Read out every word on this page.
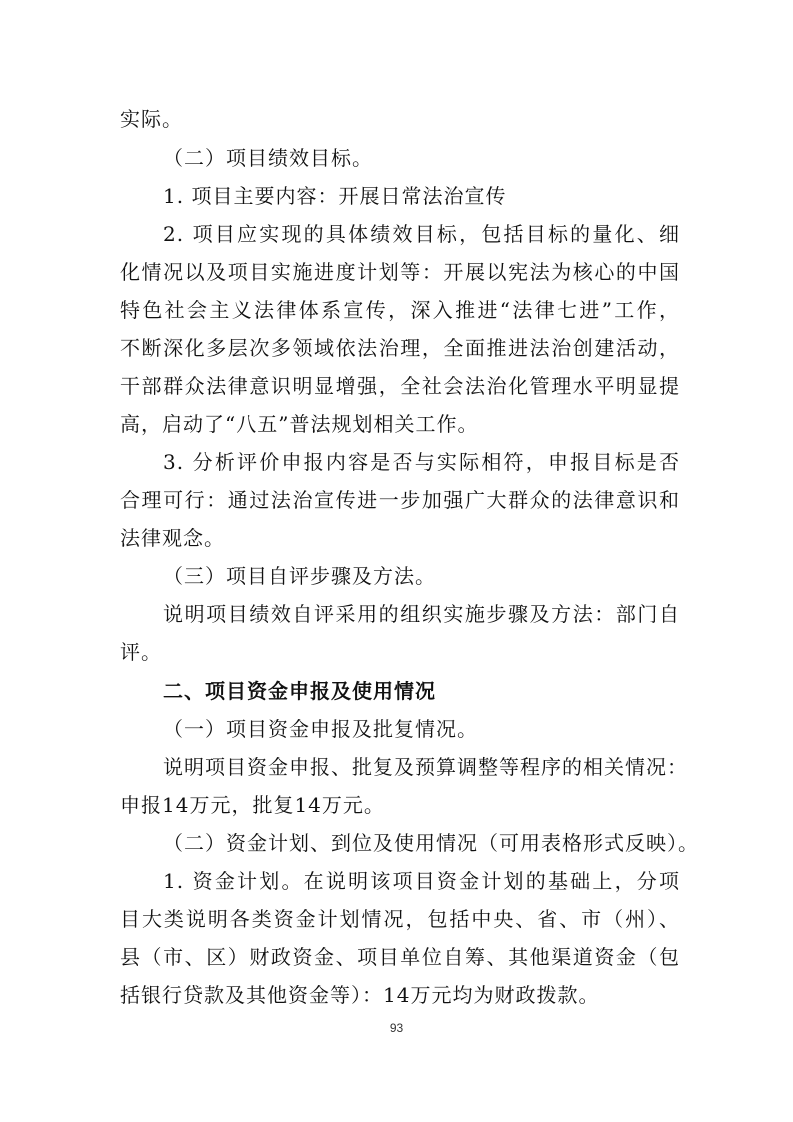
实际。
（二）项目绩效目标。
1. 项目主要内容：开展日常法治宣传
2. 项目应实现的具体绩效目标，包括目标的量化、细
化情况以及项目实施进度计划等：开展以宪法为核心的中国
特色社会主义法律体系宣传，深入推进“法律七进”工作，
不断深化多层次多领域依法治理，全面推进法治创建活动，
干部群众法律意识明显增强，全社会法治化管理水平明显提
高，启动了“八五”普法规划相关工作。
3. 分析评价申报内容是否与实际相符，申报目标是否
合理可行：通过法治宣传进一步加强广大群众的法律意识和
法律观念。
（三）项目自评步骤及方法。
说明项目绩效自评采用的组织实施步骤及方法：部门自
评。
二、项目资金申报及使用情况
（一）项目资金申报及批复情况。
说明项目资金申报、批复及预算调整等程序的相关情况：
申报14万元，批复14万元。
（二）资金计划、到位及使用情况（可用表格形式反映）。
1. 资金计划。在说明该项目资金计划的基础上，分项
目大类说明各类资金计划情况，包括中央、省、市（州）、
县（市、区）财政资金、项目单位自筹、其他渠道资金（包
括银行贷款及其他资金等）：14万元均为财政拨款。
93
